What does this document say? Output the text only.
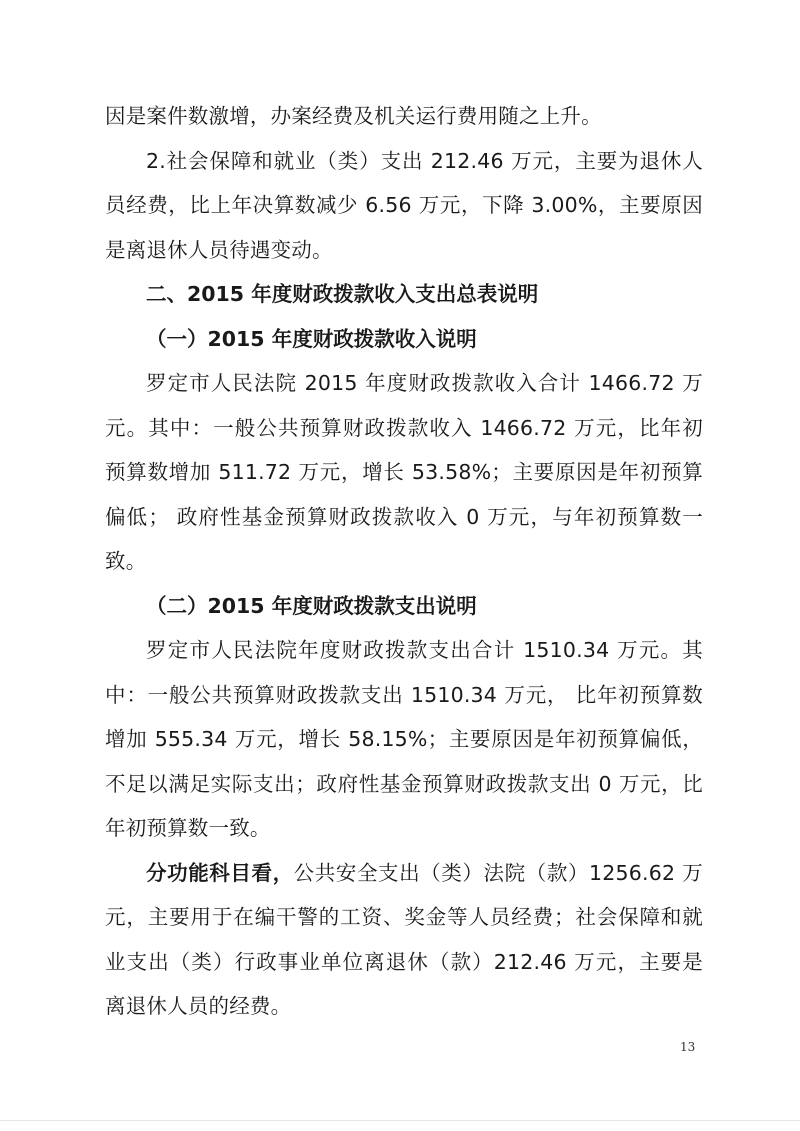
因是案件数激增，办案经费及机关运行费用随之上升。

2.社会保障和就业（类）支出 212.46 万元，主要为退休人

员经费，比上年决算数减少 6.56 万元，下降 3.00%，主要原因

是离退休人员待遇变动。

二、2015 年度财政拨款收入支出总表说明

（一）2015 年度财政拨款收入说明

罗定市人民法院 2015 年度财政拨款收入合计 1466.72 万

元。其中：一般公共预算财政拨款收入 1466.72 万元，比年初

预算数增加 511.72 万元，增长 53.58%；主要原因是年初预算

偏低； 政府性基金预算财政拨款收入 0 万元，与年初预算数一

致。

（二）2015 年度财政拨款支出说明

罗定市人民法院年度财政拨款支出合计 1510.34 万元。其

中：一般公共预算财政拨款支出 1510.34 万元， 比年初预算数

增加 555.34 万元，增长 58.15%；主要原因是年初预算偏低，

不足以满足实际支出；政府性基金预算财政拨款支出 0 万元，比

年初预算数一致。

分功能科目看，公共安全支出（类）法院（款）1256.62 万

元，主要用于在编干警的工资、奖金等人员经费；社会保障和就

业支出（类）行政事业单位离退休（款）212.46 万元，主要是

离退休人员的经费。

13
